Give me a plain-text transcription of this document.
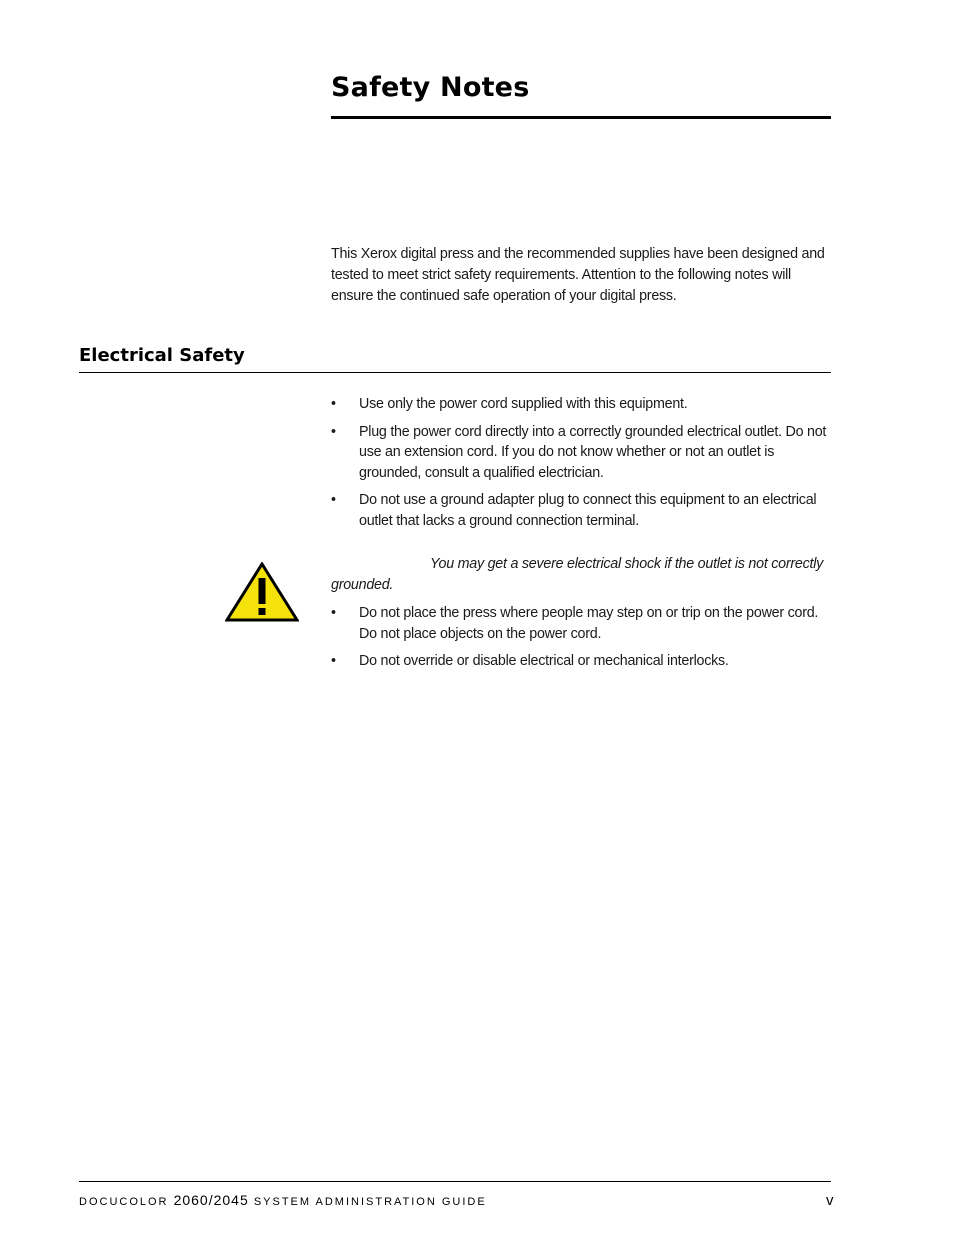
Safety Notes

This Xerox digital press and the recommended supplies have been designed and tested to meet strict safety requirements. Attention to the following notes will ensure the continued safe operation of your digital press.

Electrical Safety
• Use only the power cord supplied with this equipment.
• Plug the power cord directly into a correctly grounded electrical outlet. Do not use an extension cord. If you do not know whether or not an outlet is grounded, consult a qualified electrician.
• Do not use a ground adapter plug to connect this equipment to an electrical outlet that lacks a ground connection terminal.

You may get a severe electrical shock if the outlet is not correctly grounded.

• Do not place the press where people may step on or trip on the power cord. Do not place objects on the power cord.
• Do not override or disable electrical or mechanical interlocks.
DOCUCOLOR 2060/2045 SYSTEM ADMINISTRATION GUIDE	v
